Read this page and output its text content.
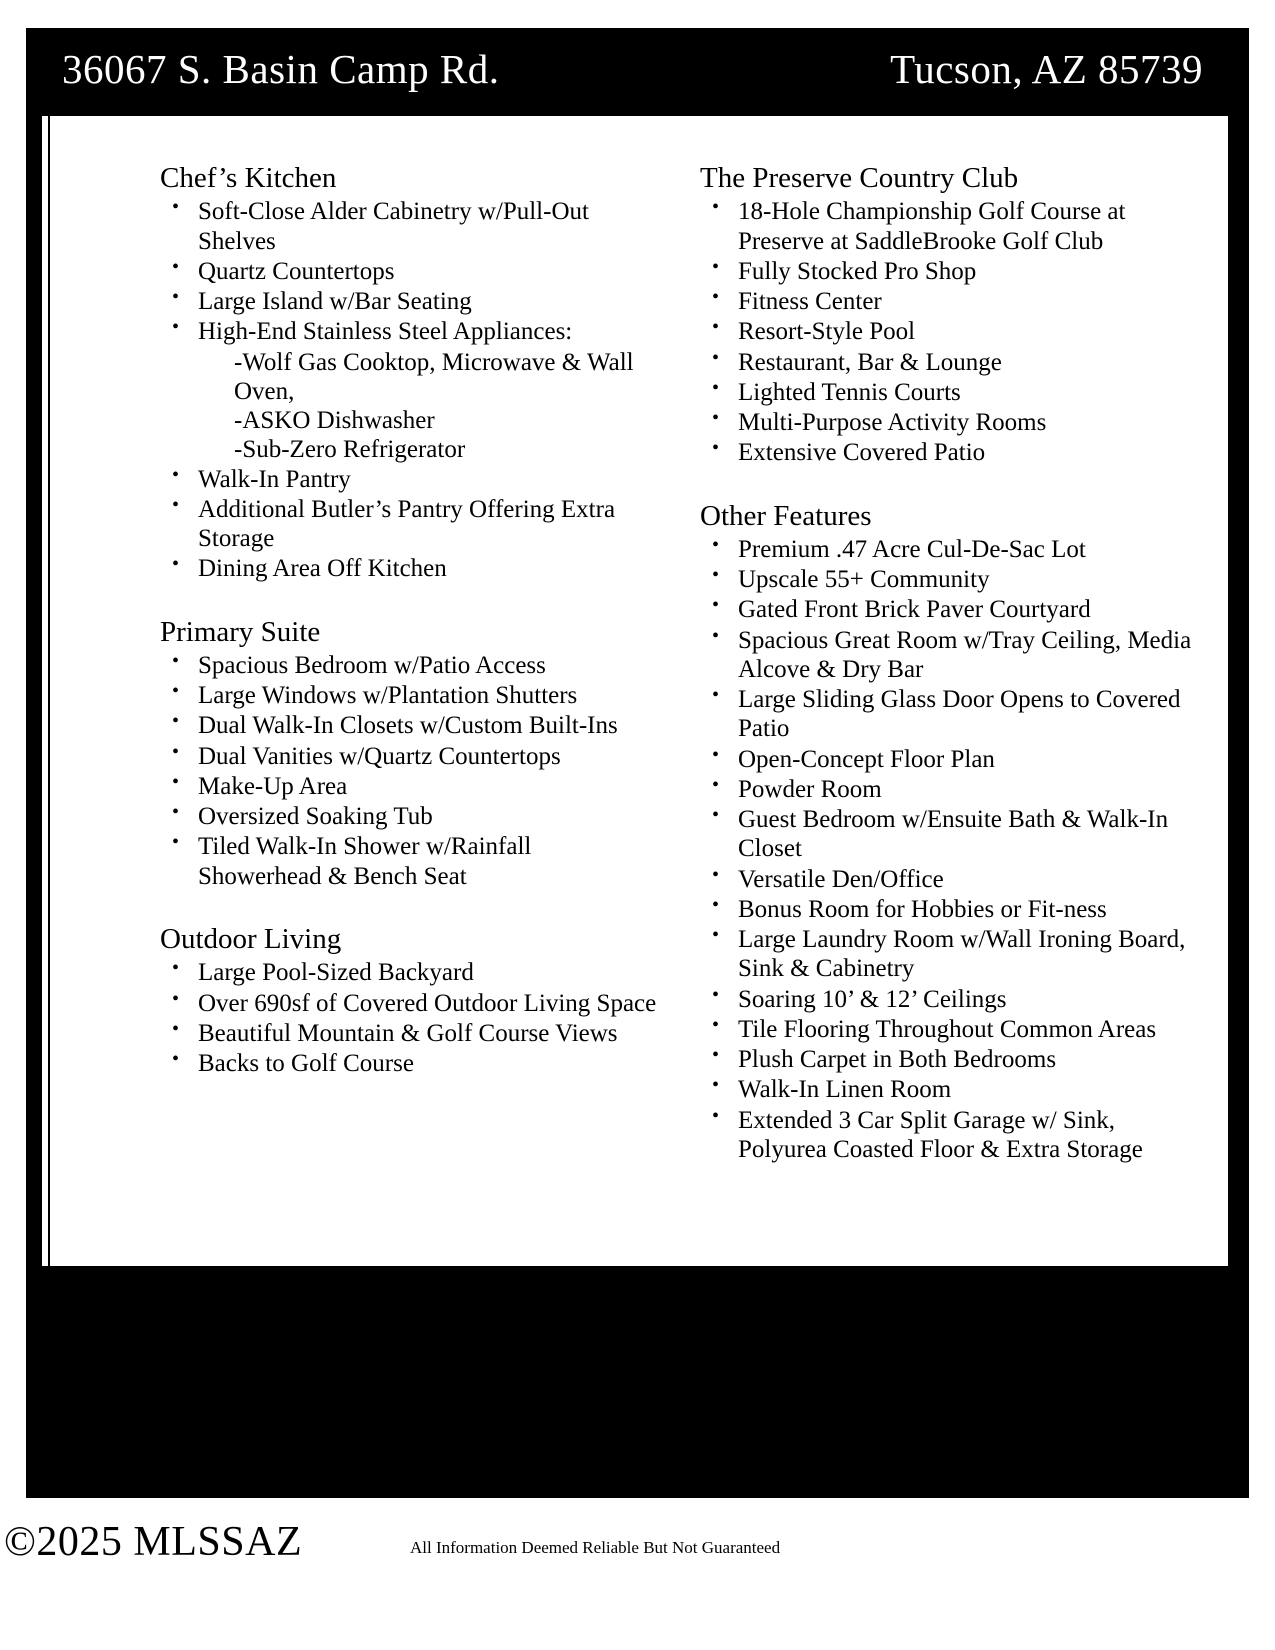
36067 S. Basin Camp Rd.	Tucson, AZ 85739
Chef’s Kitchen
• Soft-Close Alder Cabinetry w/Pull-Out Shelves
• Quartz Countertops
• Large Island w/Bar Seating
• High-End Stainless Steel Appliances:
-Wolf Gas Cooktop, Microwave & Wall Oven,
-ASKO Dishwasher
-Sub-Zero Refrigerator
• Walk-In Pantry
• Additional Butler’s Pantry Offering Extra Storage
• Dining Area Off Kitchen
Primary Suite
• Spacious Bedroom w/Patio Access
• Large Windows w/Plantation Shutters
• Dual Walk-In Closets w/Custom Built-Ins
• Dual Vanities w/Quartz Countertops
• Make-Up Area
• Oversized Soaking Tub
• Tiled Walk-In Shower w/Rainfall Showerhead & Bench Seat
Outdoor Living
• Large Pool-Sized Backyard
• Over 690sf of Covered Outdoor Living Space
• Beautiful Mountain & Golf Course Views
• Backs to Golf Course
The Preserve Country Club
• 18-Hole Championship Golf Course at Preserve at SaddleBrooke Golf Club
• Fully Stocked Pro Shop
• Fitness Center
• Resort-Style Pool
• Restaurant, Bar & Lounge
• Lighted Tennis Courts
• Multi-Purpose Activity Rooms
• Extensive Covered Patio
Other Features
• Premium .47 Acre Cul-De-Sac Lot
• Upscale 55+ Community
• Gated Front Brick Paver Courtyard
• Spacious Great Room w/Tray Ceiling, Media Alcove & Dry Bar
• Large Sliding Glass Door Opens to Covered Patio
• Open-Concept Floor Plan
• Powder Room
• Guest Bedroom w/Ensuite Bath & Walk-In Closet
• Versatile Den/Office
• Bonus Room for Hobbies or Fit-ness
• Large Laundry Room w/Wall Ironing Board, Sink & Cabinetry
• Soaring 10’ & 12’ Ceilings
• Tile Flooring Throughout Common Areas
• Plush Carpet in Both Bedrooms
• Walk-In Linen Room
• Extended 3 Car Split Garage w/ Sink, Polyurea Coasted Floor & Extra Storage
©2025 MLSSAZ	All Information Deemed Reliable But Not Guaranteed
